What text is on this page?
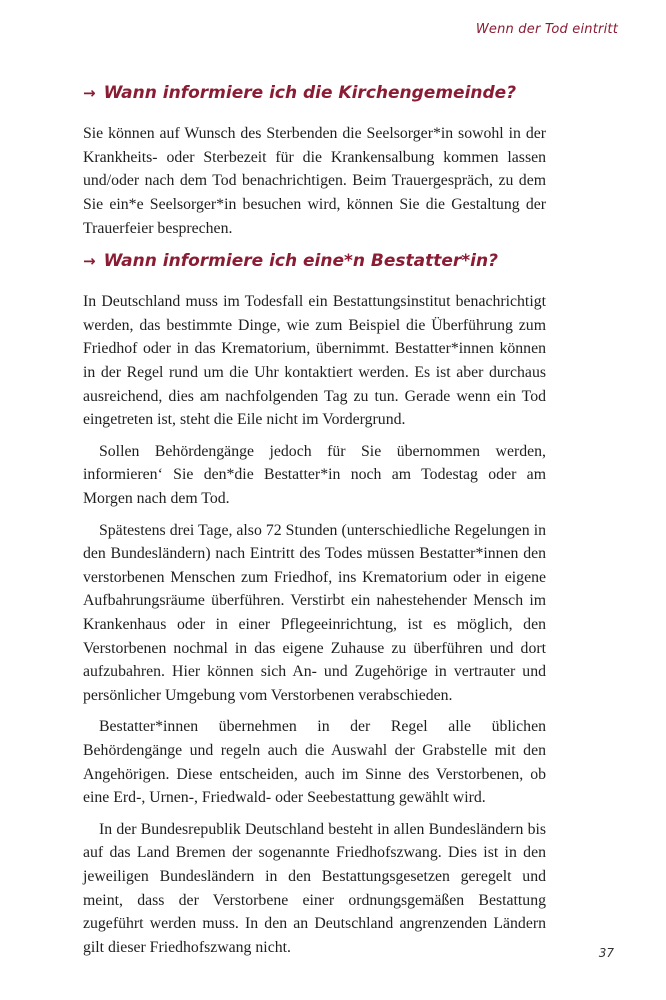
Wenn der Tod eintritt
→ Wann informiere ich die Kirchengemeinde?

Sie können auf Wunsch des Sterbenden die Seelsorger*in sowohl in der Krankheits- oder Sterbezeit für die Krankensalbung kommen lassen und/oder nach dem Tod benachrichtigen. Beim Trauergespräch, zu dem Sie ein*e Seelsorger*in besuchen wird, können Sie die Gestaltung der Trauerfeier besprechen.

→ Wann informiere ich eine*n Bestatter*in?

In Deutschland muss im Todesfall ein Bestattungsinstitut benachrichtigt werden, das bestimmte Dinge, wie zum Beispiel die Überführung zum Friedhof oder in das Krematorium, übernimmt. Bestatter*innen können in der Regel rund um die Uhr kontaktiert werden. Es ist aber durchaus ausreichend, dies am nachfolgenden Tag zu tun. Gerade wenn ein Tod eingetreten ist, steht die Eile nicht im Vordergrund.

Sollen Behördengänge jedoch für Sie übernommen werden, informieren‘ Sie den*die Bestatter*in noch am Todestag oder am Morgen nach dem Tod.

Spätestens drei Tage, also 72 Stunden (unterschiedliche Regelungen in den Bundesländern) nach Eintritt des Todes müssen Bestatter*innen den verstorbenen Menschen zum Friedhof, ins Krematorium oder in eigene Aufbahrungsräume überführen. Verstirbt ein nahestehender Mensch im Krankenhaus oder in einer Pflegeeinrichtung, ist es möglich, den Verstorbenen nochmal in das eigene Zuhause zu überführen und dort aufzubahren. Hier können sich An- und Zugehörige in vertrauter und persönlicher Umgebung vom Verstorbenen verabschieden.

Bestatter*innen übernehmen in der Regel alle üblichen Behördengänge und regeln auch die Auswahl der Grabstelle mit den Angehörigen. Diese entscheiden, auch im Sinne des Verstorbenen, ob eine Erd-, Urnen-, Friedwald- oder Seebestattung gewählt wird.

In der Bundesrepublik Deutschland besteht in allen Bundesländern bis auf das Land Bremen der sogenannte Friedhofszwang. Dies ist in den jeweiligen Bundesländern in den Bestattungsgesetzen geregelt und meint, dass der Verstorbene einer ordnungsgemäßen Bestattung zugeführt werden muss. In den an Deutschland angrenzenden Ländern gilt dieser Friedhofszwang nicht.	37
